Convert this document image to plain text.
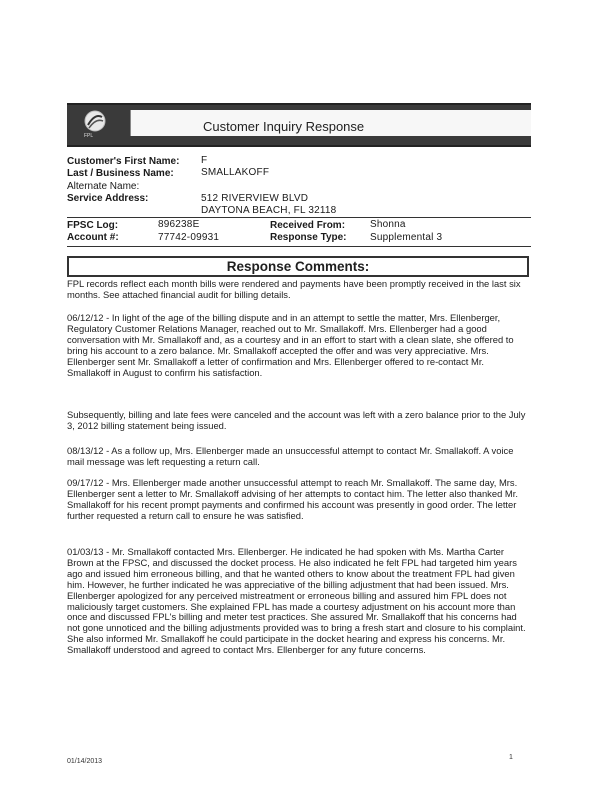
FPL
Customer Inquiry Response
Customer's First Name: F
Last / Business Name:	SMALLAKOFF
Alternate Name:
Service Address:	512 RIVERVIEW BLVD
DAYTONA BEACH, FL 32118
FPSC Log:	896238E	Received From: Shonna
Account #:	77742-09931	Response Type: Supplemental 3
Response Comments:

FPL records reflect each month bills were rendered and payments have been promptly received in the last six months. See attached financial audit for billing details.

06/12/12 - In light of the age of the billing dispute and in an attempt to settle the matter, Mrs. Ellenberger, Regulatory Customer Relations Manager, reached out to Mr. Smallakoff. Mrs. Ellenberger had a good conversation with Mr. Smallakoff and, as a courtesy and in an effort to start with a clean slate, she offered to bring his account to a zero balance. Mr. Smallakoff accepted the offer and was very appreciative. Mrs. Ellenberger sent Mr. Smallakoff a letter of confirmation and Mrs. Ellenberger offered to re-contact Mr. Smallakoff in August to confirm his satisfaction.

Subsequently, billing and late fees were canceled and the account was left with a zero balance prior to the July 3, 2012 billing statement being issued.

08/13/12 - As a follow up, Mrs. Ellenberger made an unsuccessful attempt to contact Mr. Smallakoff. A voice mail message was left requesting a return call.

09/17/12 - Mrs. Ellenberger made another unsuccessful attempt to reach Mr. Smallakoff. The same day, Mrs. Ellenberger sent a letter to Mr. Smallakoff advising of her attempts to contact him. The letter also thanked Mr. Smallakoff for his recent prompt payments and confirmed his account was presently in good order. The letter further requested a return call to ensure he was satisfied.

01/03/13 - Mr. Smallakoff contacted Mrs. Ellenberger. He indicated he had spoken with Ms. Martha Carter Brown at the FPSC, and discussed the docket process. He also indicated he felt FPL had targeted him years ago and issued him erroneous billing, and that he wanted others to know about the treatment FPL had given him. However, he further indicated he was appreciative of the billing adjustment that had been issued. Mrs. Ellenberger apologized for any perceived mistreatment or erroneous billing and assured him FPL does not maliciously target customers. She explained FPL has made a courtesy adjustment on his account more than once and discussed FPL's billing and meter test practices. She assured Mr. Smallakoff that his concerns had not gone unnoticed and the billing adjustments provided was to bring a fresh start and closure to his complaint. She also informed Mr. Smallakoff he could participate in the docket hearing and express his concerns. Mr. Smallakoff understood and agreed to contact Mrs. Ellenberger for any future concerns.

01/14/2013
1
